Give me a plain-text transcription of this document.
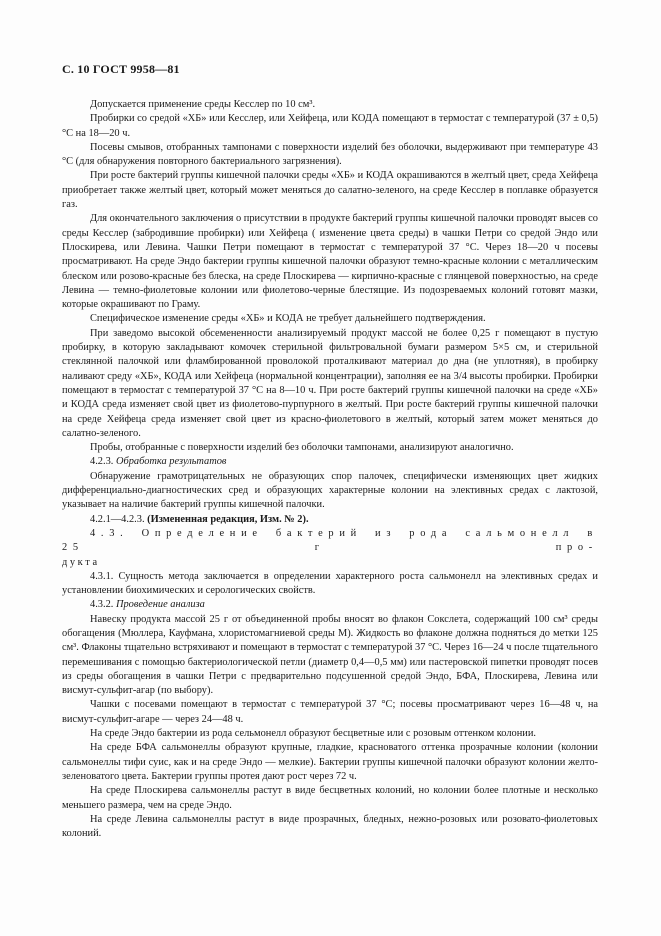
С. 10 ГОСТ 9958—81

Допускается применение среды Кесслер по 10 см³.

Пробирки со средой «ХБ» или Кесслер, или Хейфеца, или КОДА помещают в термостат с температурой (37 ± 0,5) °С на 18—20 ч.

Посевы смывов, отобранных тампонами с поверхности изделий без оболочки, выдерживают при температуре 43 °С (для обнаружения повторного бактериального загрязнения).

При росте бактерий группы кишечной палочки среды «ХБ» и КОДА окрашиваются в желтый цвет, среда Хейфеца приобретает также желтый цвет, который может меняться до салатно-зеленого, на среде Кесслер в поплавке образуется газ.

Для окончательного заключения о присутствии в продукте бактерий группы кишечной палочки проводят высев со среды Кесслер (забродившие пробирки) или Хейфеца ( изменение цвета среды) в чашки Петри со средой Эндо или Плоскирева, или Левина. Чашки Петри помещают в термостат с температурой 37 °С. Через 18—20 ч посевы просматривают. На среде Эндо бактерии группы кишечной палочки образуют темно-красные колонии с металлическим блеском или розово-красные без блеска, на среде Плоскирева — кирпично-красные с глянцевой поверхностью, на среде Левина — темно-фиолетовые колонии или фиолетово-черные блестящие. Из подозреваемых колоний готовят мазки, которые окрашивают по Граму.

Специфическое изменение среды «ХБ» и КОДА не требует дальнейшего подтверждения.

При заведомо высокой обсемененности анализируемый продукт массой не более 0,25 г помещают в пустую пробирку, в которую закладывают комочек стерильной фильтровальной бумаги размером 5×5 см, и стерильной стеклянной палочкой или фламбированной проволокой проталкивают материал до дна (не уплотняя), в пробирку наливают среду «ХБ», КОДА или Хейфеца (нормальной концентрации), заполняя ее на 3/4 высоты пробирки. Пробирки помещают в термостат с температурой 37 °С на 8—10 ч. При росте бактерий группы кишечной палочки на среде «ХБ» и КОДА среда изменяет свой цвет из фиолетово-пурпурного в желтый. При росте бактерий группы кишечной палочки на среде Хейфеца среда изменяет свой цвет из красно-фиолетового в желтый, который затем может меняться до салатно-зеленого.

Пробы, отобранные с поверхности изделий без оболочки тампонами, анализируют аналогично.

4.2.3. Обработка результатов

Обнаружение грамотрицательных не образующих спор палочек, специфически изменяющих цвет жидких дифференциально-диагностических сред и образующих характерные колонии на элективных средах с лактозой, указывает на наличие бактерий группы кишечной палочки.

4.2.1—4.2.3. (Измененная редакция, Изм. № 2).

4.3. Определение бактерий из рода сальмонелл в 25 г про-

дукта

4.3.1. Сущность метода заключается в определении характерного роста сальмонелл на элективных средах и установлении биохимических и серологических свойств.

4.3.2. Проведение анализа

Навеску продукта массой 25 г от объединенной пробы вносят во флакон Сокслета, содержащий 100 см³ среды обогащения (Мюллера, Кауфмана, хлористомагниевой среды М). Жидкость во флаконе должна подняться до метки 125 см³. Флаконы тщательно встряхивают и помещают в термостат с температурой 37 °С. Через 16—24 ч после тщательного перемешивания с помощью бактериологической петли (диаметр 0,4—0,5 мм) или пастеровской пипетки проводят посев из среды обогащения в чашки Петри с предварительно подсушенной средой Эндо, БФА, Плоскирева, Левина или висмут-сульфит-агар (по выбору).

Чашки с посевами помещают в термостат с температурой 37 °С; посевы просматривают через 16—48 ч, на висмут-сульфит-агаре — через 24—48 ч.

На среде Эндо бактерии из рода сельмонелл образуют бесцветные или с розовым оттенком колонии.

На среде БФА сальмонеллы образуют крупные, гладкие, красноватого оттенка прозрачные колонии (колонии сальмонеллы тифи суис, как и на среде Эндо — мелкие). Бактерии группы кишечной палочки образуют колонии желто-зеленоватого цвета. Бактерии группы протея дают рост через 72 ч.

На среде Плоскирева сальмонеллы растут в виде бесцветных колоний, но колонии более плотные и несколько меньшего размера, чем на среде Эндо.

На среде Левина сальмонеллы растут в виде прозрачных, бледных, нежно-розовых или розовато-фиолетовых колоний.
